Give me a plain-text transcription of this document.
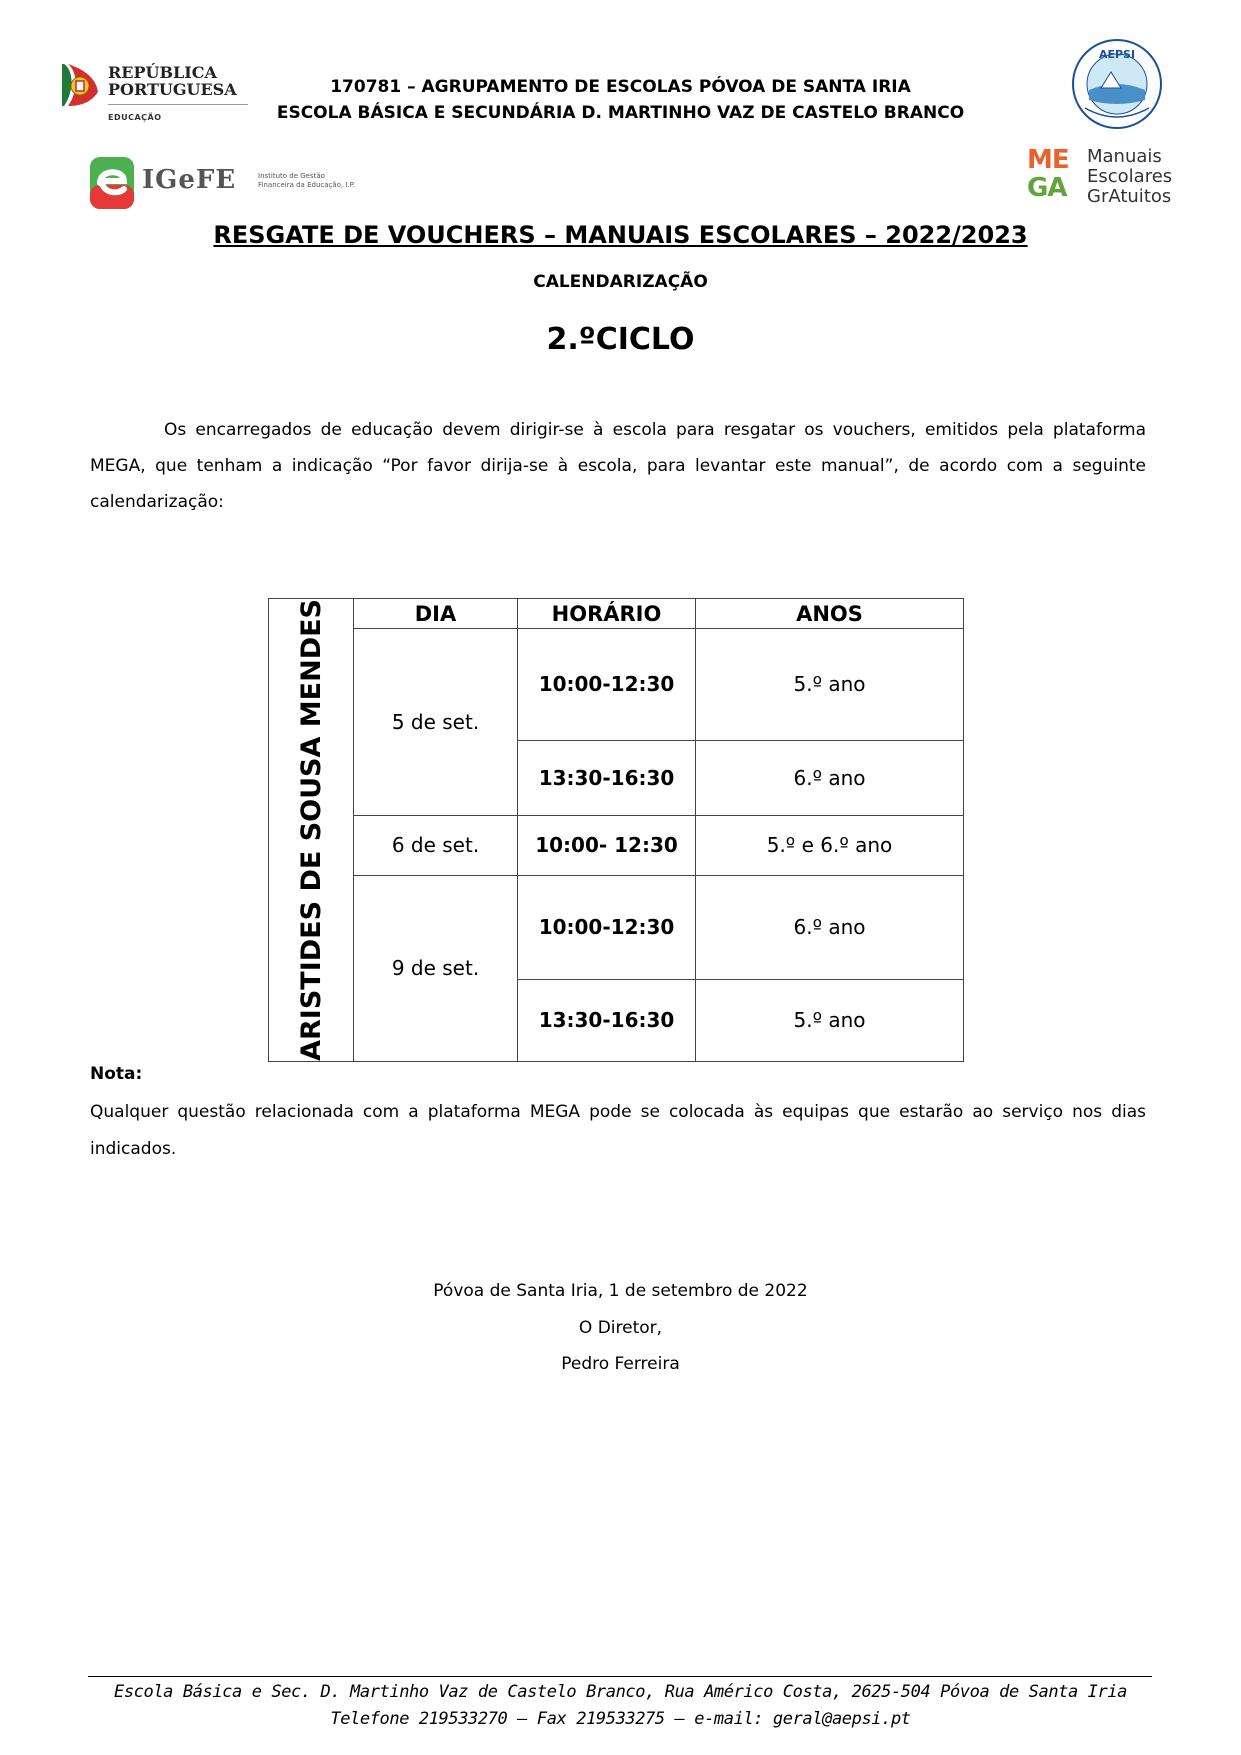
REPÚBLICA
PORTUGUESA
EDUCAÇÃO
AEPSI
IGeFE	Instituto de Gestão Financeira da Educação, I.P.
ME
GA
Manuais
Escolares
GrAtuitos
170781 – AGRUPAMENTO DE ESCOLAS PÓVOA DE SANTA IRIA
ESCOLA BÁSICA E SECUNDÁRIA D. MARTINHO VAZ DE CASTELO BRANCO
RESGATE DE VOUCHERS – MANUAIS ESCOLARES – 2022/2023
CALENDARIZAÇÃO
2.ºCICLO

Os encarregados de educação devem dirigir-se à escola para resgatar os vouchers, emitidos pela plataforma MEGA, que tenham a indicação “Por favor dirija-se à escola, para levantar este manual”, de acordo com a seguinte calendarização:

ARISTIDES DE SOUSA MENDES	DIA	HORÁRIO	ANOS
	5 de set.	10:00-12:30	5.º ano
		13:30-16:30	6.º ano
	6 de set.	10:00- 12:30	5.º e 6.º ano
	9 de set.	10:00-12:30	6.º ano
		13:30-16:30	5.º ano
Nota:
Qualquer questão relacionada com a plataforma MEGA pode se colocada às equipas que estarão ao serviço nos dias indicados.
Póvoa de Santa Iria, 1 de setembro de 2022
O Diretor,
Pedro Ferreira
Escola Básica e Sec. D. Martinho Vaz de Castelo Branco, Rua Américo Costa, 2625-504 Póvoa de Santa Iria
Telefone 219533270 – Fax 219533275 – e-mail: geral@aepsi.pt
